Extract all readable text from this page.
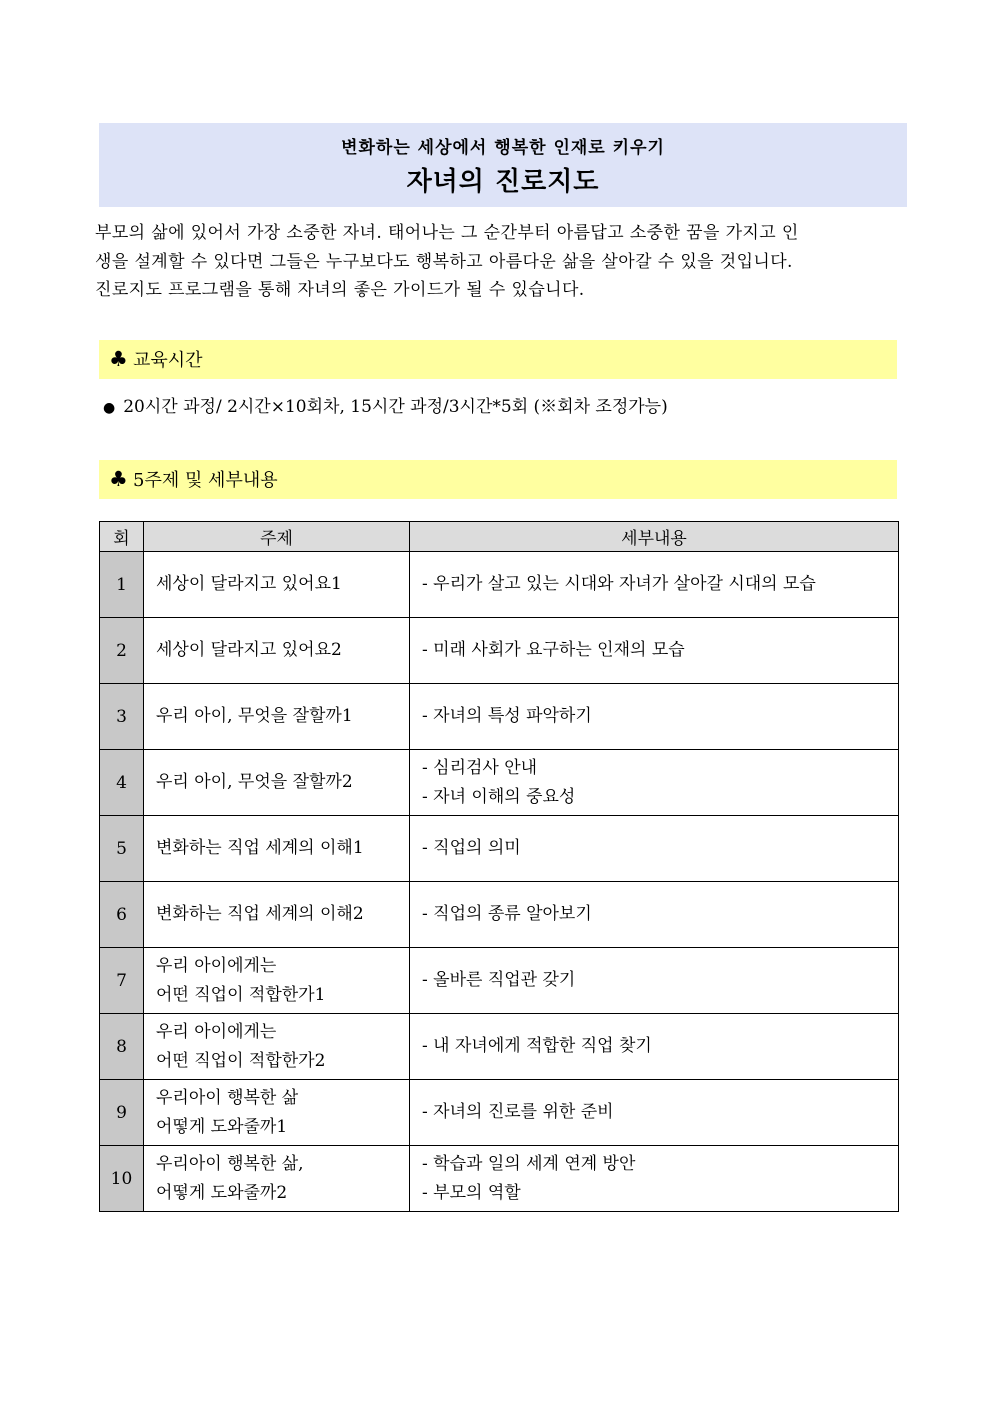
변화하는 세상에서 행복한 인재로 키우기
자녀의 진로지도

부모의 삶에 있어서 가장 소중한 자녀. 태어나는 그 순간부터 아름답고 소중한 꿈을 가지고 인

생을 설계할 수 있다면 그들은 누구보다도 행복하고 아름다운 삶을 살아갈 수 있을 것입니다.

진로지도 프로그램을 통해 자녀의 좋은 가이드가 될 수 있습니다.

♣ 교육시간
● 20시간 과정/ 2시간×10회차, 15시간 과정/3시간*5회 (※회차 조정가능)
♣ 5주제 및 세부내용
회	주제	세부내용
1	세상이 달라지고 있어요1	- 우리가 살고 있는 시대와 자녀가 살아갈 시대의 모습

2	세상이 달라지고 있어요2	- 미래 사회가 요구하는 인재의 모습

3	우리 아이, 무엇을 잘할까1	- 자녀의 특성 파악하기

4	우리 아이, 무엇을 잘할까2	- 심리검사 안내
- 자녀 이해의 중요성

5	변화하는 직업 세계의 이해1	- 직업의 의미

6	변화하는 직업 세계의 이해2	- 직업의 종류 알아보기

7	우리 아이에게는
어떤 직업이 적합한가1	- 올바른 직업관 갖기

8	우리 아이에게는
어떤 직업이 적합한가2	- 내 자녀에게 적합한 직업 찾기

9	우리아이 행복한 삶
어떻게 도와줄까1	- 자녀의 진로를 위한 준비

10	우리아이 행복한 삶,
어떻게 도와줄까2	- 학습과 일의 세계 연계 방안
- 부모의 역할
